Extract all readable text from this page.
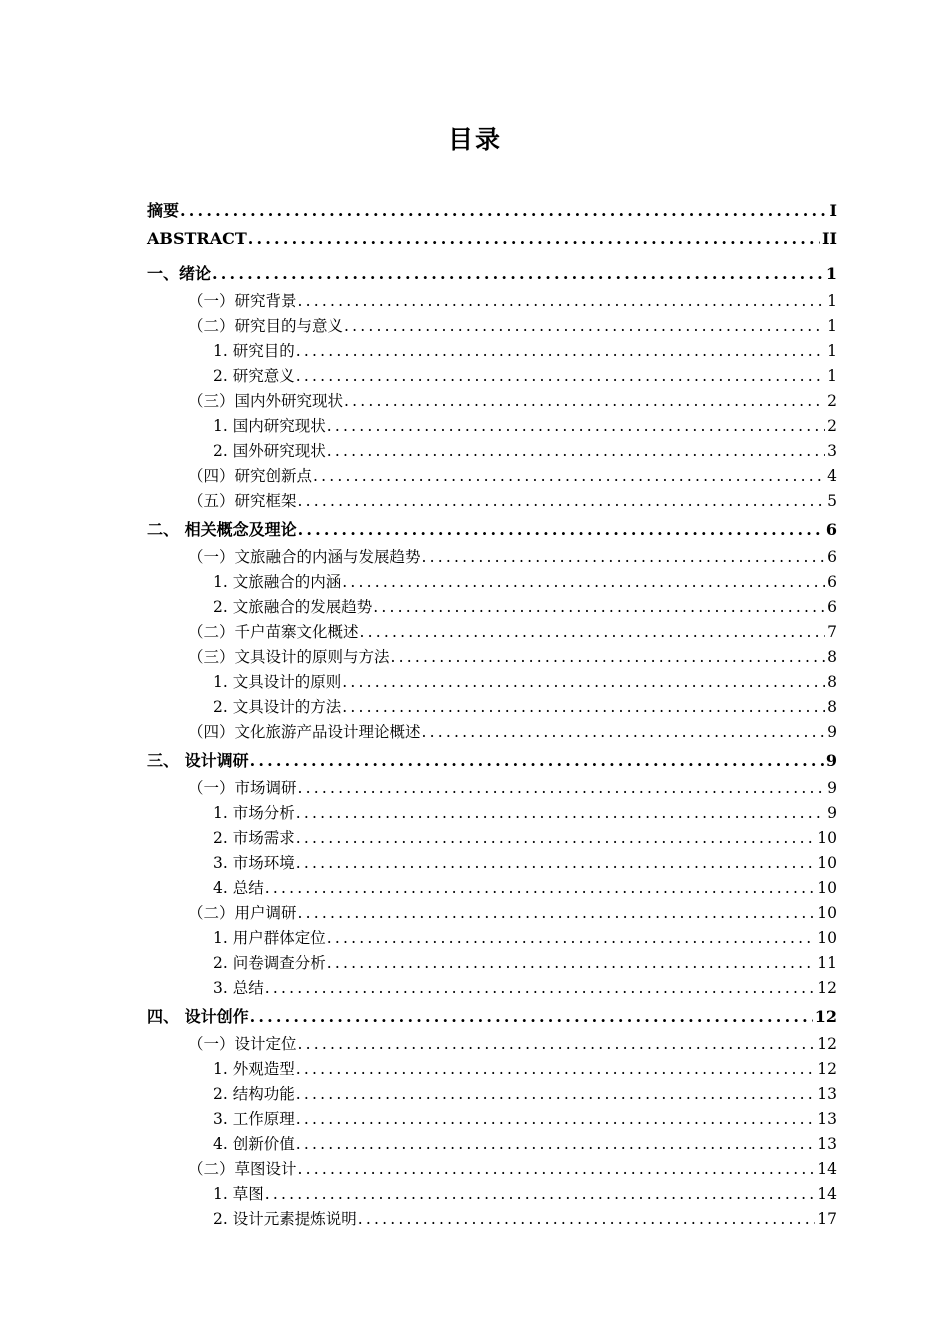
目录
摘要 .....	I
ABSTRACT .....	II
一、绪论 .....	1
（一）研究背景 .....	1
（二）研究目的与意义 .....	1
1. 研究目的 .....	1
2. 研究意义 .....	1
（三）国内外研究现状 .....	2
1. 国内研究现状 .....	2
2. 国外研究现状 .....	3
（四）研究创新点 .....	4
（五）研究框架 .....	5
二、 相关概念及理论 .....	6
（一）文旅融合的内涵与发展趋势 .....	6
1. 文旅融合的内涵 .....	6
2. 文旅融合的发展趋势 .....	6
（二）千户苗寨文化概述 .....	7
（三）文具设计的原则与方法 .....	8
1. 文具设计的原则 .....	8
2. 文具设计的方法 .....	8
（四）文化旅游产品设计理论概述 .....	9
三、 设计调研 .....	9
（一）市场调研 .....	9
1. 市场分析 .....	9
2. 市场需求 .....	10
3. 市场环境 .....	10
4. 总结 .....	10
（二）用户调研 .....	10
1. 用户群体定位 .....	10
2. 问卷调查分析 .....	11
3. 总结 .....	12
四、 设计创作 .....	12
（一）设计定位 .....	12
1. 外观造型 .....	12
2. 结构功能 .....	13
3. 工作原理 .....	13
4. 创新价值 .....	13
（二）草图设计 .....	14
1. 草图 .....	14
2. 设计元素提炼说明 .....	17
